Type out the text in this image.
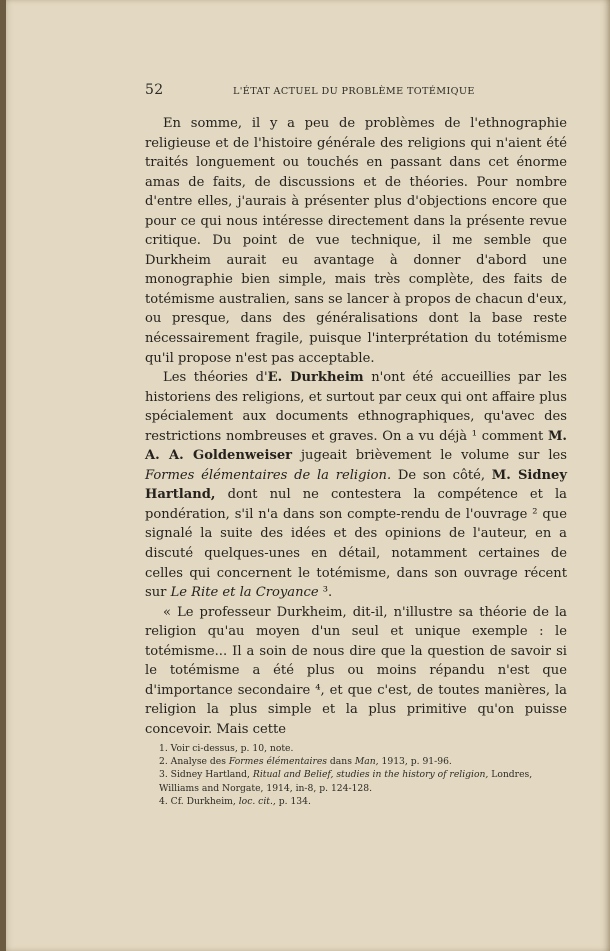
52	L'ÉTAT ACTUEL DU PROBLÈME TOTÉMIQUE

En somme, il y a peu de problèmes de l'ethnographie religieuse et de l'histoire générale des religions qui n'aient été traités longuement ou touchés en passant dans cet énorme amas de faits, de discussions et de théories. Pour nombre d'entre elles, j'aurais à présenter plus d'objections encore que pour ce qui nous intéresse directement dans la présente revue critique. Du point de vue technique, il me semble que Durkheim aurait eu avantage à donner d'abord une monographie bien simple, mais très complète, des faits de totémisme australien, sans se lancer à propos de chacun d'eux, ou presque, dans des généralisations dont la base reste nécessairement fragile, puisque l'interprétation du totémisme qu'il propose n'est pas acceptable.

Les théories d'E. Durkheim n'ont été accueillies par les historiens des religions, et surtout par ceux qui ont affaire plus spécialement aux documents ethnographiques, qu'avec des restrictions nombreuses et graves. On a vu déjà ¹ comment M. A. A. Goldenweiser jugeait brièvement le volume sur les Formes élémentaires de la religion. De son côté, M. Sidney Hartland, dont nul ne contestera la compétence et la pondération, s'il n'a dans son compte-rendu de l'ouvrage ² que signalé la suite des idées et des opinions de l'auteur, en a discuté quelques-unes en détail, notamment certaines de celles qui concernent le totémisme, dans son ouvrage récent sur Le Rite et la Croyance ³.

« Le professeur Durkheim, dit-il, n'illustre sa théorie de la religion qu'au moyen d'un seul et unique exemple : le totémisme... Il a soin de nous dire que la question de savoir si le totémisme a été plus ou moins répandu n'est que d'importance secondaire ⁴, et que c'est, de toutes manières, la religion la plus simple et la plus primitive qu'on puisse concevoir. Mais cette

1. Voir ci-dessus, p. 10, note.
2. Analyse des Formes élémentaires dans Man, 1913, p. 91-96.
3. Sidney Hartland, Ritual and Belief, studies in the history of religion, Londres, Williams and Norgate, 1914, in-8, p. 124-128.
4. Cf. Durkheim, loc. cit., p. 134.
